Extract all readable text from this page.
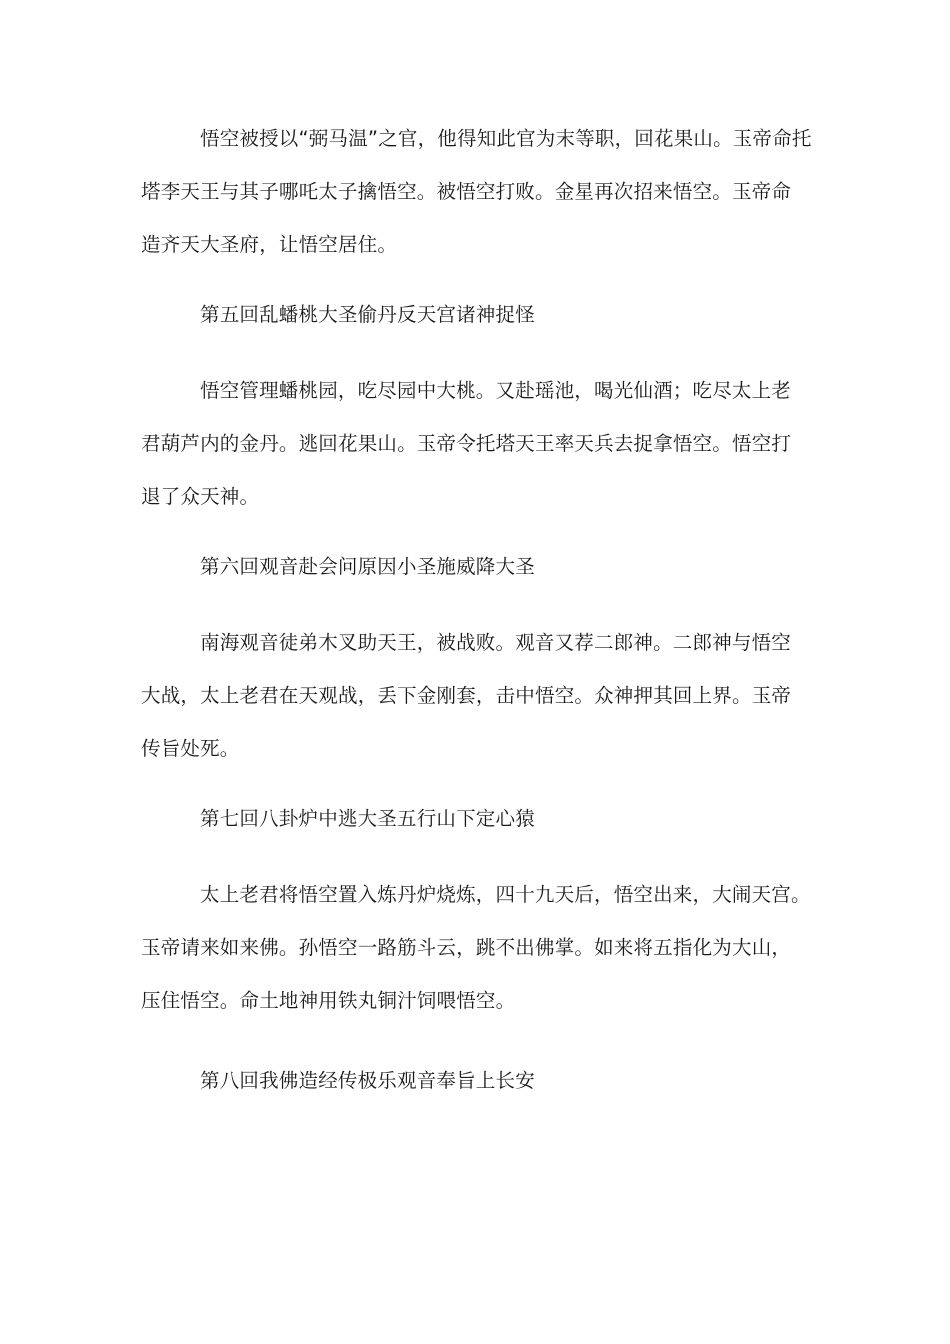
悟空被授以“弼马温”之官，他得知此官为末等职，回花果山。玉帝命托
塔李天王与其子哪吒太子擒悟空。被悟空打败。金星再次招来悟空。玉帝命
造齐天大圣府，让悟空居住。
第五回乱蟠桃大圣偷丹反天宫诸神捉怪
悟空管理蟠桃园，吃尽园中大桃。又赴瑶池，喝光仙酒；吃尽太上老
君葫芦内的金丹。逃回花果山。玉帝令托塔天王率天兵去捉拿悟空。悟空打
退了众天神。
第六回观音赴会问原因小圣施威降大圣
南海观音徒弟木叉助天王，被战败。观音又荐二郎神。二郎神与悟空
大战，太上老君在天观战，丢下金刚套，击中悟空。众神押其回上界。玉帝
传旨处死。
第七回八卦炉中逃大圣五行山下定心猿
太上老君将悟空置入炼丹炉烧炼，四十九天后，悟空出来，大闹天宫。
玉帝请来如来佛。孙悟空一路筋斗云，跳不出佛掌。如来将五指化为大山，
压住悟空。命土地神用铁丸铜汁饲喂悟空。
第八回我佛造经传极乐观音奉旨上长安
